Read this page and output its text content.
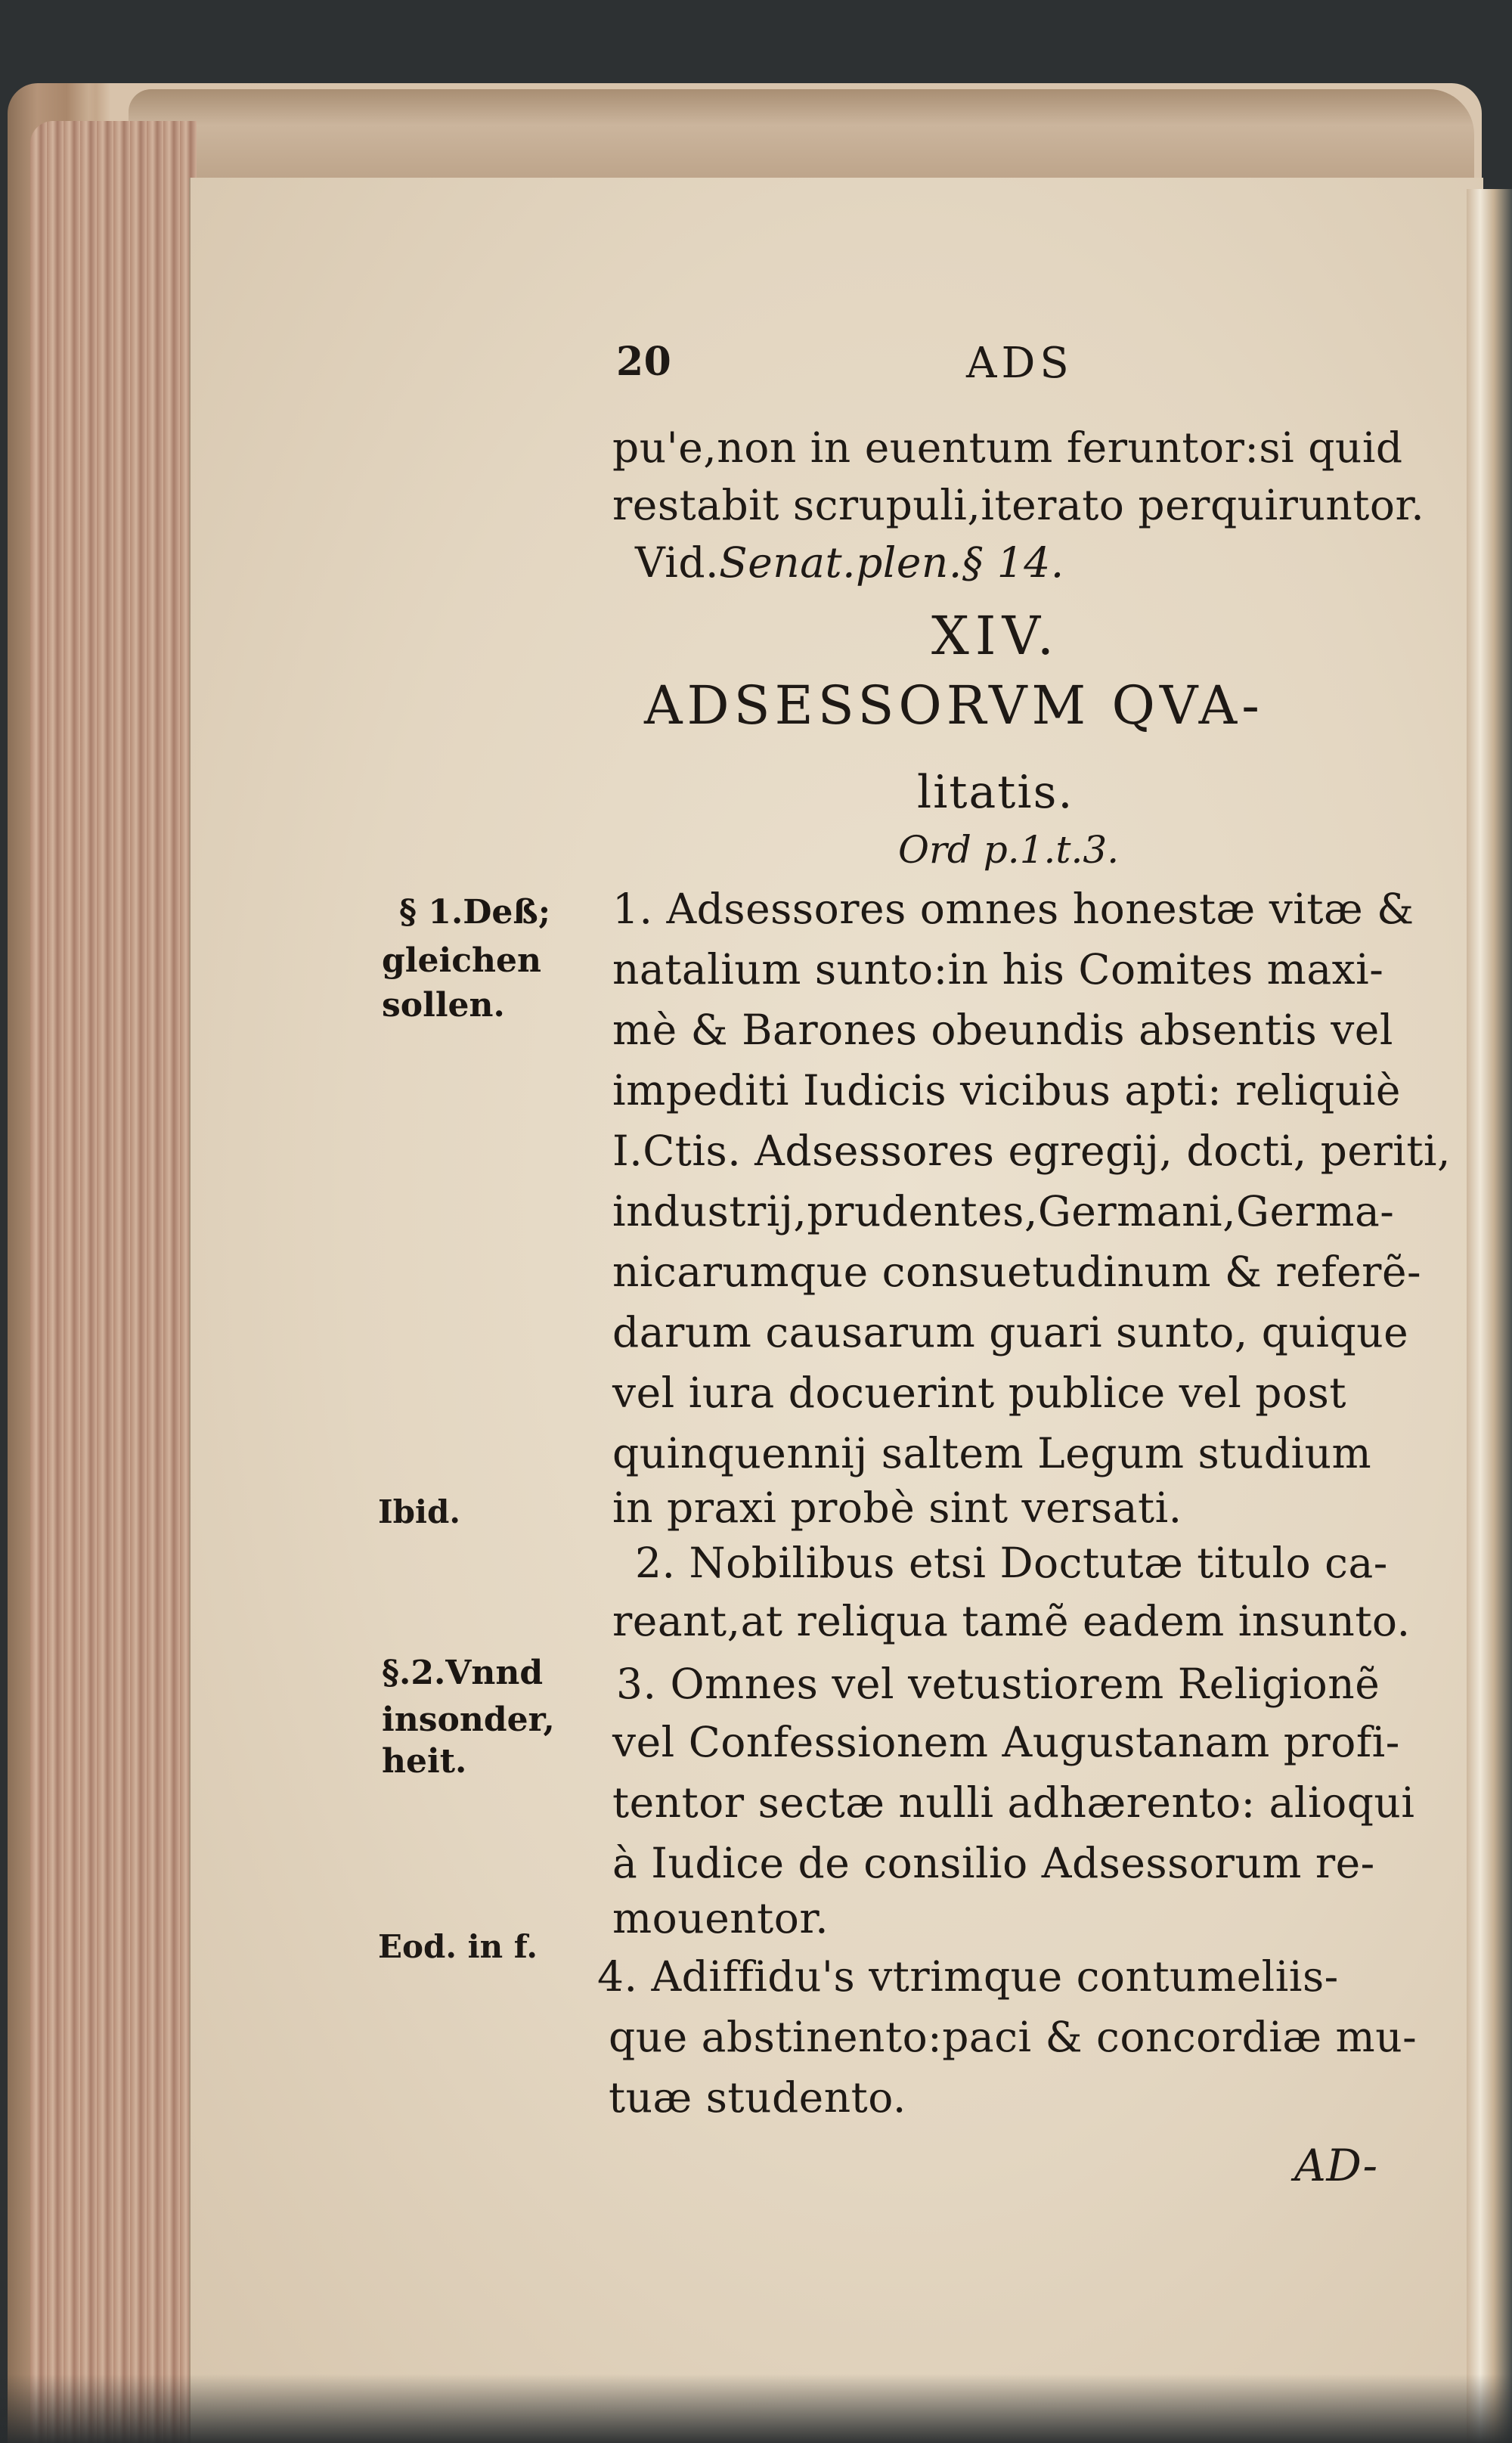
20	ADS

pu'e,non in euentum feruntor:si quid

restabit scrupuli,iterato perquiruntor.

Vid.Senat.plen.§ 14.

XIV.

ADSESSORVM QVA-

litatis.

Ord p.1.t.3.

§ 1.Deß;

gleichen

sollen.

Ibid.

§.2.Vnnd

insonder,

heit.

Eod. in f.

1. Adsessores omnes honestæ vitæ &

natalium sunto:in his Comites maxi-

mè & Barones obeundis absentis vel

impediti Iudicis vicibus apti: reliquiè

I.Ctis. Adsessores egregij, docti, periti,

industrij,prudentes,Germani,Germa-

nicarumque consuetudinum & referẽ-

darum causarum guari sunto, quique

vel iura docuerint publice vel post

quinquennij saltem Legum studium

in praxi probè sint versati.

2. Nobilibus etsi Doctutæ titulo ca-

reant,at reliqua tamẽ eadem insunto.

3. Omnes vel vetustiorem Religionẽ

vel Confessionem Augustanam profi-

tentor sectæ nulli adhærento: alioqui

à Iudice de consilio Adsessorum re-

mouentor.

4. Adiffidu's vtrimque contumeliis-

que abstinento:paci & concordiæ mu-

tuæ studento.

AD-
